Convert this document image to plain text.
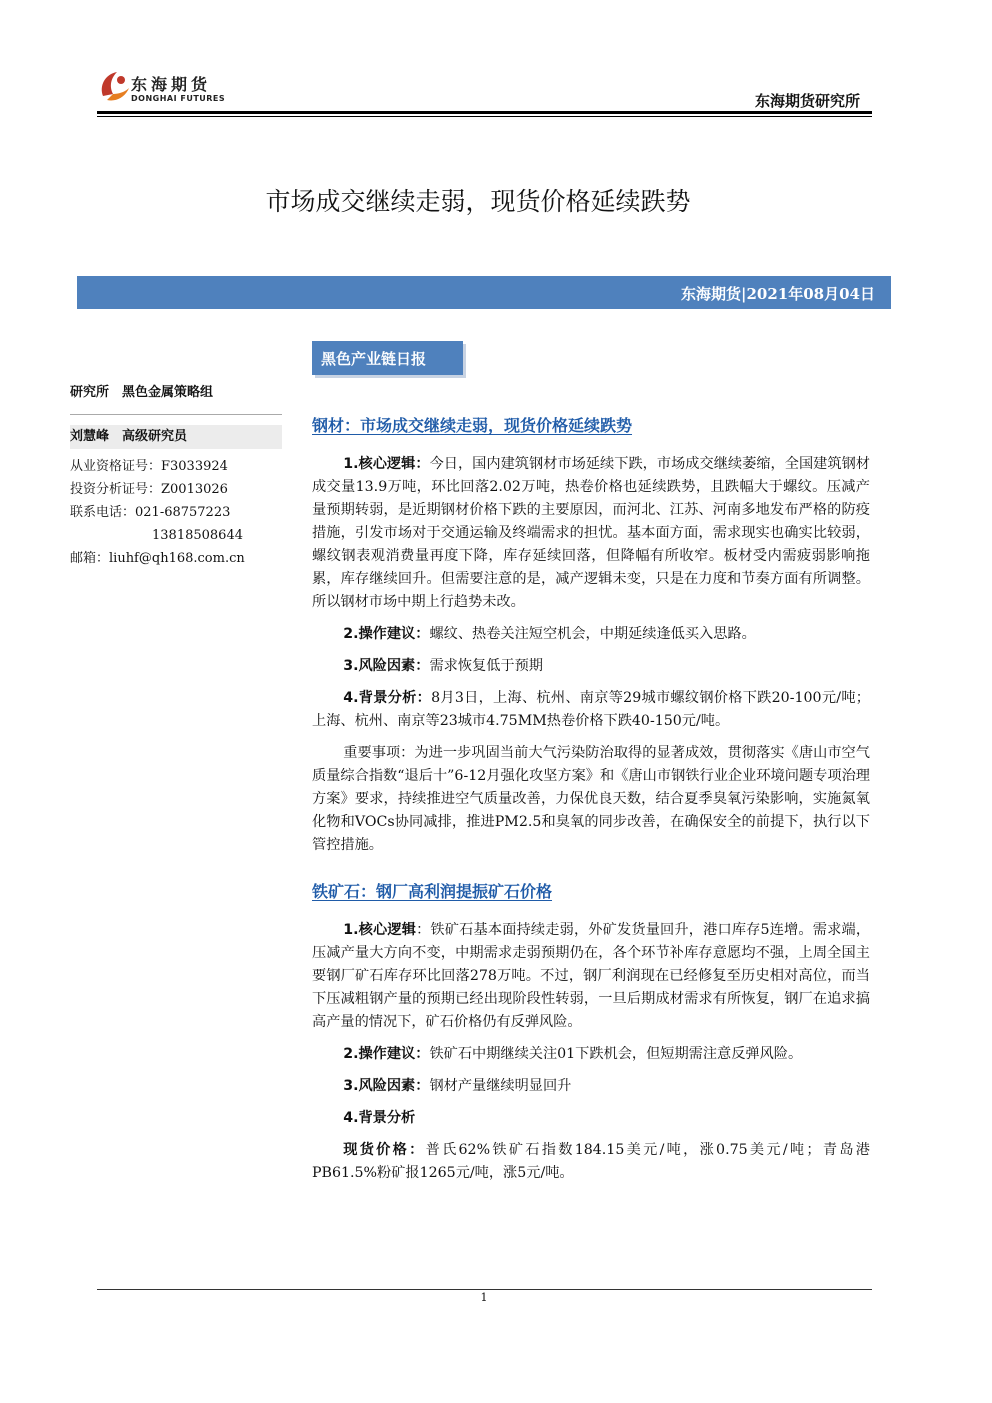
东海期货
DONGHAI FUTURES	东海期货研究所
市场成交继续走弱，现货价格延续跌势
东海期货|2021年08月04日
黑色产业链日报
研究所　黑色金属策略组
刘慧峰　高级研究员
从业资格证号：F3033924
投资分析证号：Z0013026
联系电话：021-68757223
13818508644
邮箱：liuhf@qh168.com.cn
钢材：市场成交继续走弱，现货价格延续跌势

1.核心逻辑：今日，国内建筑钢材市场延续下跌，市场成交继续萎缩，全国建筑钢材成交量13.9万吨，环比回落2.02万吨，热卷价格也延续跌势，且跌幅大于螺纹。压减产量预期转弱，是近期钢材价格下跌的主要原因，而河北、江苏、河南多地发布严格的防疫措施，引发市场对于交通运输及终端需求的担忧。基本面方面，需求现实也确实比较弱，螺纹钢表观消费量再度下降，库存延续回落，但降幅有所收窄。板材受内需疲弱影响拖累，库存继续回升。但需要注意的是，减产逻辑未变，只是在力度和节奏方面有所调整。所以钢材市场中期上行趋势未改。

2.操作建议：螺纹、热卷关注短空机会，中期延续逢低买入思路。

3.风险因素：需求恢复低于预期

4.背景分析：8月3日，上海、杭州、南京等29城市螺纹钢价格下跌20-100元/吨；上海、杭州、南京等23城市4.75MM热卷价格下跌40-150元/吨。

重要事项：为进一步巩固当前大气污染防治取得的显著成效，贯彻落实《唐山市空气质量综合指数“退后十”6-12月强化攻坚方案》和《唐山市钢铁行业企业环境问题专项治理方案》要求，持续推进空气质量改善，力保优良天数，结合夏季臭氧污染影响，实施氮氧化物和VOCs协同减排，推进PM2.5和臭氧的同步改善，在确保安全的前提下，执行以下管控措施。

铁矿石：钢厂高利润提振矿石价格

1.核心逻辑：铁矿石基本面持续走弱，外矿发货量回升，港口库存5连增。需求端，压减产量大方向不变，中期需求走弱预期仍在，各个环节补库存意愿均不强，上周全国主要钢厂矿石库存环比回落278万吨。不过，钢厂利润现在已经修复至历史相对高位，而当下压减粗钢产量的预期已经出现阶段性转弱，一旦后期成材需求有所恢复，钢厂在追求搞高产量的情况下，矿石价格仍有反弹风险。

2.操作建议：铁矿石中期继续关注01下跌机会，但短期需注意反弹风险。

3.风险因素：钢材产量继续明显回升

4.背景分析

现货价格：普氏62%铁矿石指数184.15美元/吨，涨0.75美元/吨；青岛港PB61.5%粉矿报1265元/吨，涨5元/吨。

1
